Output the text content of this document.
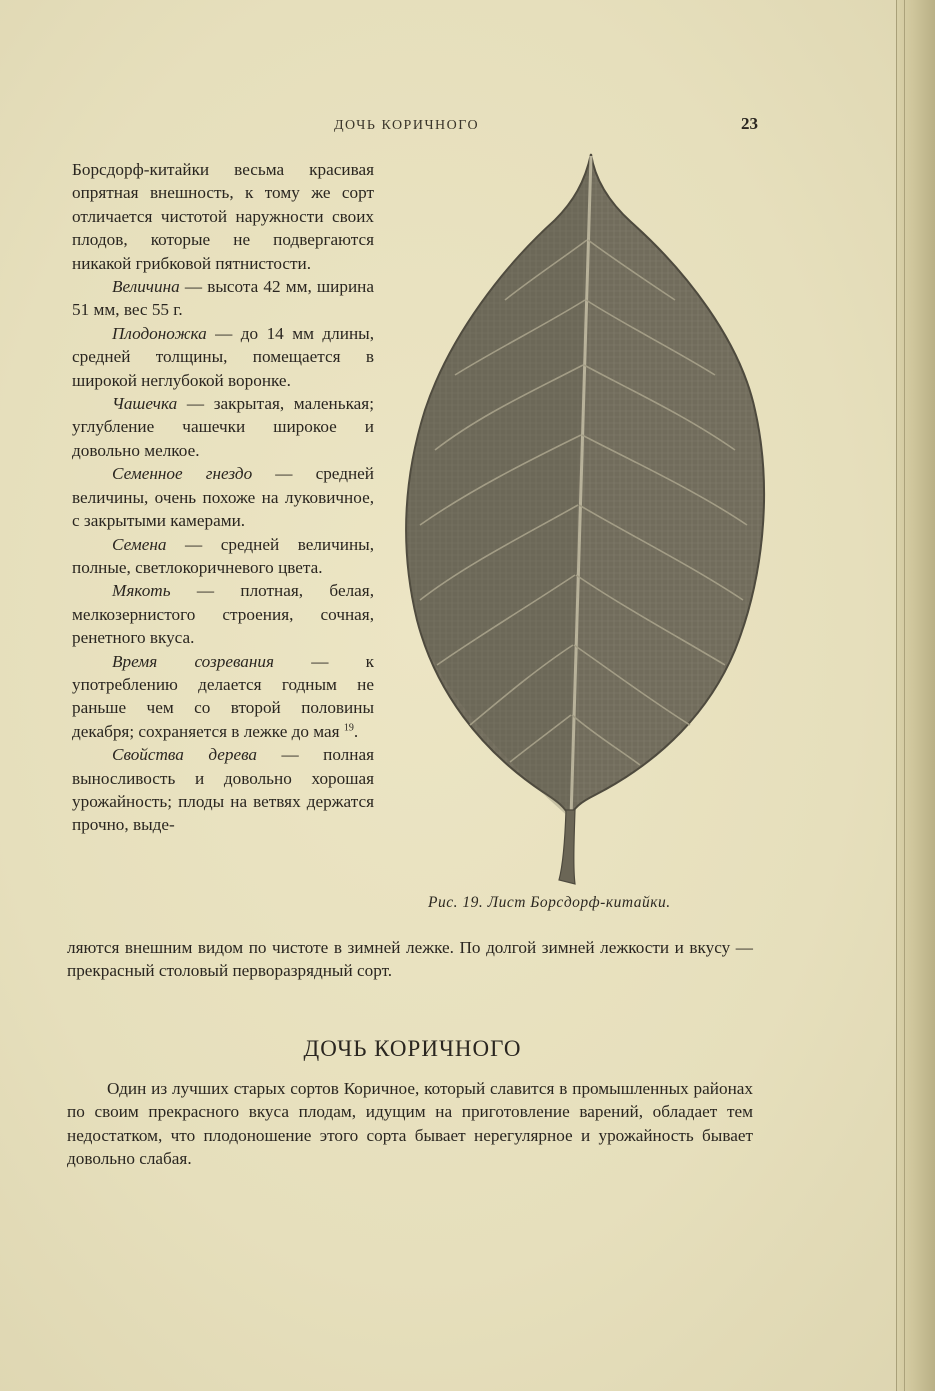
ДОЧЬ КОРИЧНОГО	23

Борсдорф-китайки весьма красивая опрятная внешность, к тому же сорт отличается чистотой наружности своих плодов, которые не подвергаются никакой грибковой пятнистости.

Величина — высота 42 мм, ширина 51 мм, вес 55 г.

Плодоножка — до 14 мм длины, средней толщины, помещается в широкой неглубокой воронке.

Чашечка — закрытая, маленькая; углубление чашечки широкое и довольно мелкое.

Семенное гнездо — средней величины, очень похоже на луковичное, с закрытыми камерами.

Семена — средней величины, полные, светлокоричневого цвета.

Мякоть — плотная, белая, мелкозернистого строения, сочная, ренетного вкуса.

Время созревания — к употреблению делается годным не раньше чем со второй половины декабря; сохраняется в лежке до мая $^{19}$.

Свойства дерева — полная выносливость и довольно хорошая урожайность; плоды на ветвях держатся прочно, выде-

Рис. 19. Лист Борсдорф-китайки.

ляются внешним видом по чистоте в зимней лежке. По долгой зимней лежкости и вкусу — прекрасный столовый перворазрядный сорт.

ДОЧЬ КОРИЧНОГО

Один из лучших старых сортов Коричное, который славится в промышленных районах по своим прекрасного вкуса плодам, идущим на приготовление варений, обладает тем недостатком, что плодоношение этого сорта бывает нерегулярное и урожайность бывает довольно слабая.
